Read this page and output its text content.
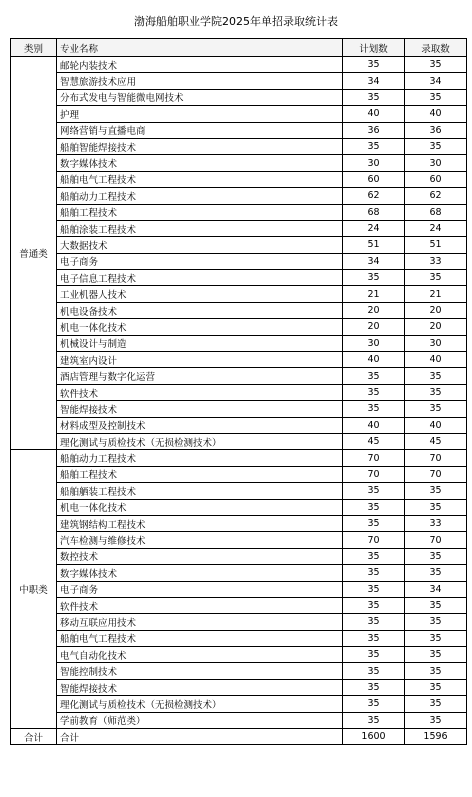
渤海船舶职业学院2025年单招录取统计表
类别	专业名称	计划数	录取数
普通类	邮轮内装技术	35	35
	智慧旅游技术应用	34	34
	分布式发电与智能微电网技术	35	35
	护理	40	40
	网络营销与直播电商	36	36
	船舶智能焊接技术	35	35
	数字媒体技术	30	30
	船舶电气工程技术	60	60
	船舶动力工程技术	62	62
	船舶工程技术	68	68
	船舶涂装工程技术	24	24
	大数据技术	51	51
	电子商务	34	33
	电子信息工程技术	35	35
	工业机器人技术	21	21
	机电设备技术	20	20
	机电一体化技术	20	20
	机械设计与制造	30	30
	建筑室内设计	40	40
	酒店管理与数字化运营	35	35
	软件技术	35	35
	智能焊接技术	35	35
	材料成型及控制技术	40	40
	理化测试与质检技术（无损检测技术）	45	45
中职类	船舶动力工程技术	70	70
	船舶工程技术	70	70
	船舶舾装工程技术	35	35
	机电一体化技术	35	35
	建筑钢结构工程技术	35	33
	汽车检测与维修技术	70	70
	数控技术	35	35
	数字媒体技术	35	35
	电子商务	35	34
	软件技术	35	35
	移动互联应用技术	35	35
	船舶电气工程技术	35	35
	电气自动化技术	35	35
	智能控制技术	35	35
	智能焊接技术	35	35
	理化测试与质检技术（无损检测技术）	35	35
	学前教育（师范类）	35	35
合计	合计	1600	1596
